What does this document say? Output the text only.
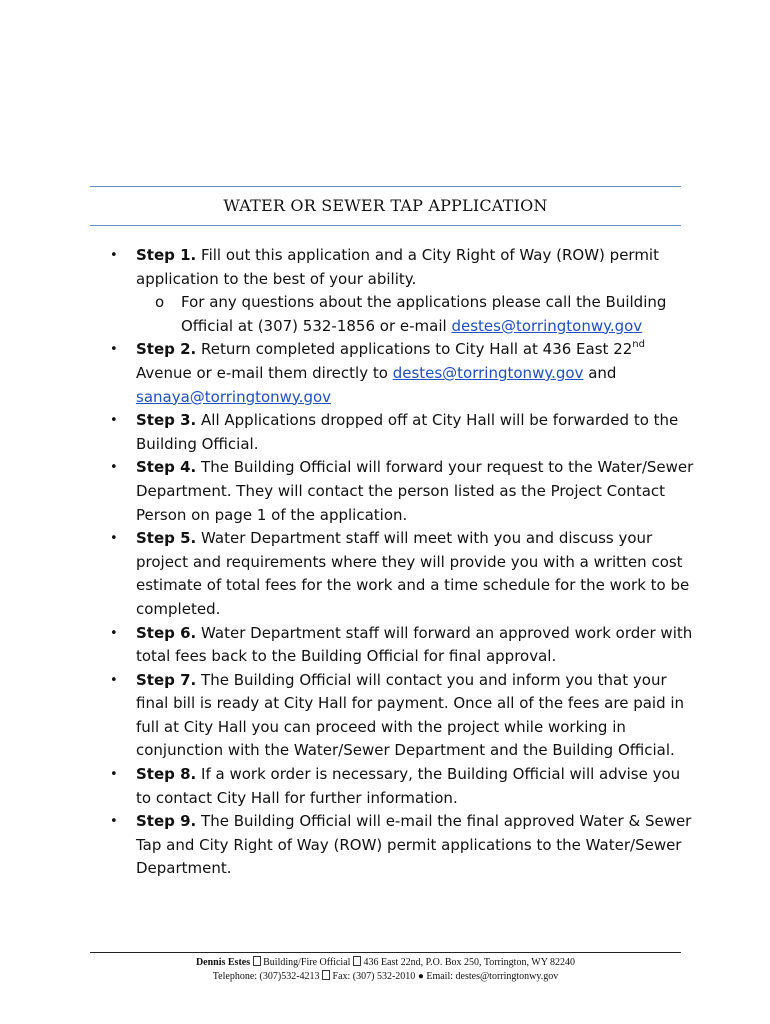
WATER OR SEWER TAP APPLICATION
• Step 1. Fill out this application and a City Right of Way (ROW) permit application to the best of your ability.
o For any questions about the applications please call the Building Official at (307) 532-1856 or e-mail destes@torringtonwy.gov
• Step 2. Return completed applications to City Hall at 436 East 22nd Avenue or e-mail them directly to destes@torringtonwy.gov and sanaya@torringtonwy.gov
• Step 3. All Applications dropped off at City Hall will be forwarded to the Building Official.
• Step 4. The Building Official will forward your request to the Water/Sewer Department. They will contact the person listed as the Project Contact Person on page 1 of the application.
• Step 5. Water Department staff will meet with you and discuss your project and requirements where they will provide you with a written cost estimate of total fees for the work and a time schedule for the work to be completed.
• Step 6. Water Department staff will forward an approved work order with total fees back to the Building Official for final approval.
• Step 7. The Building Official will contact you and inform you that your final bill is ready at City Hall for payment. Once all of the fees are paid in full at City Hall you can proceed with the project while working in conjunction with the Water/Sewer Department and the Building Official.
• Step 8. If a work order is necessary, the Building Official will advise you to contact City Hall for further information.
• Step 9. The Building Official will e-mail the final approved Water & Sewer Tap and City Right of Way (ROW) permit applications to the Water/Sewer Department.
Dennis Estes Building/Fire Official 436 East 22nd, P.O. Box 250, Torrington, WY 82240
Telephone: (307)532-4213 Fax: (307) 532-2010 ● Email: destes@torringtonwy.gov
